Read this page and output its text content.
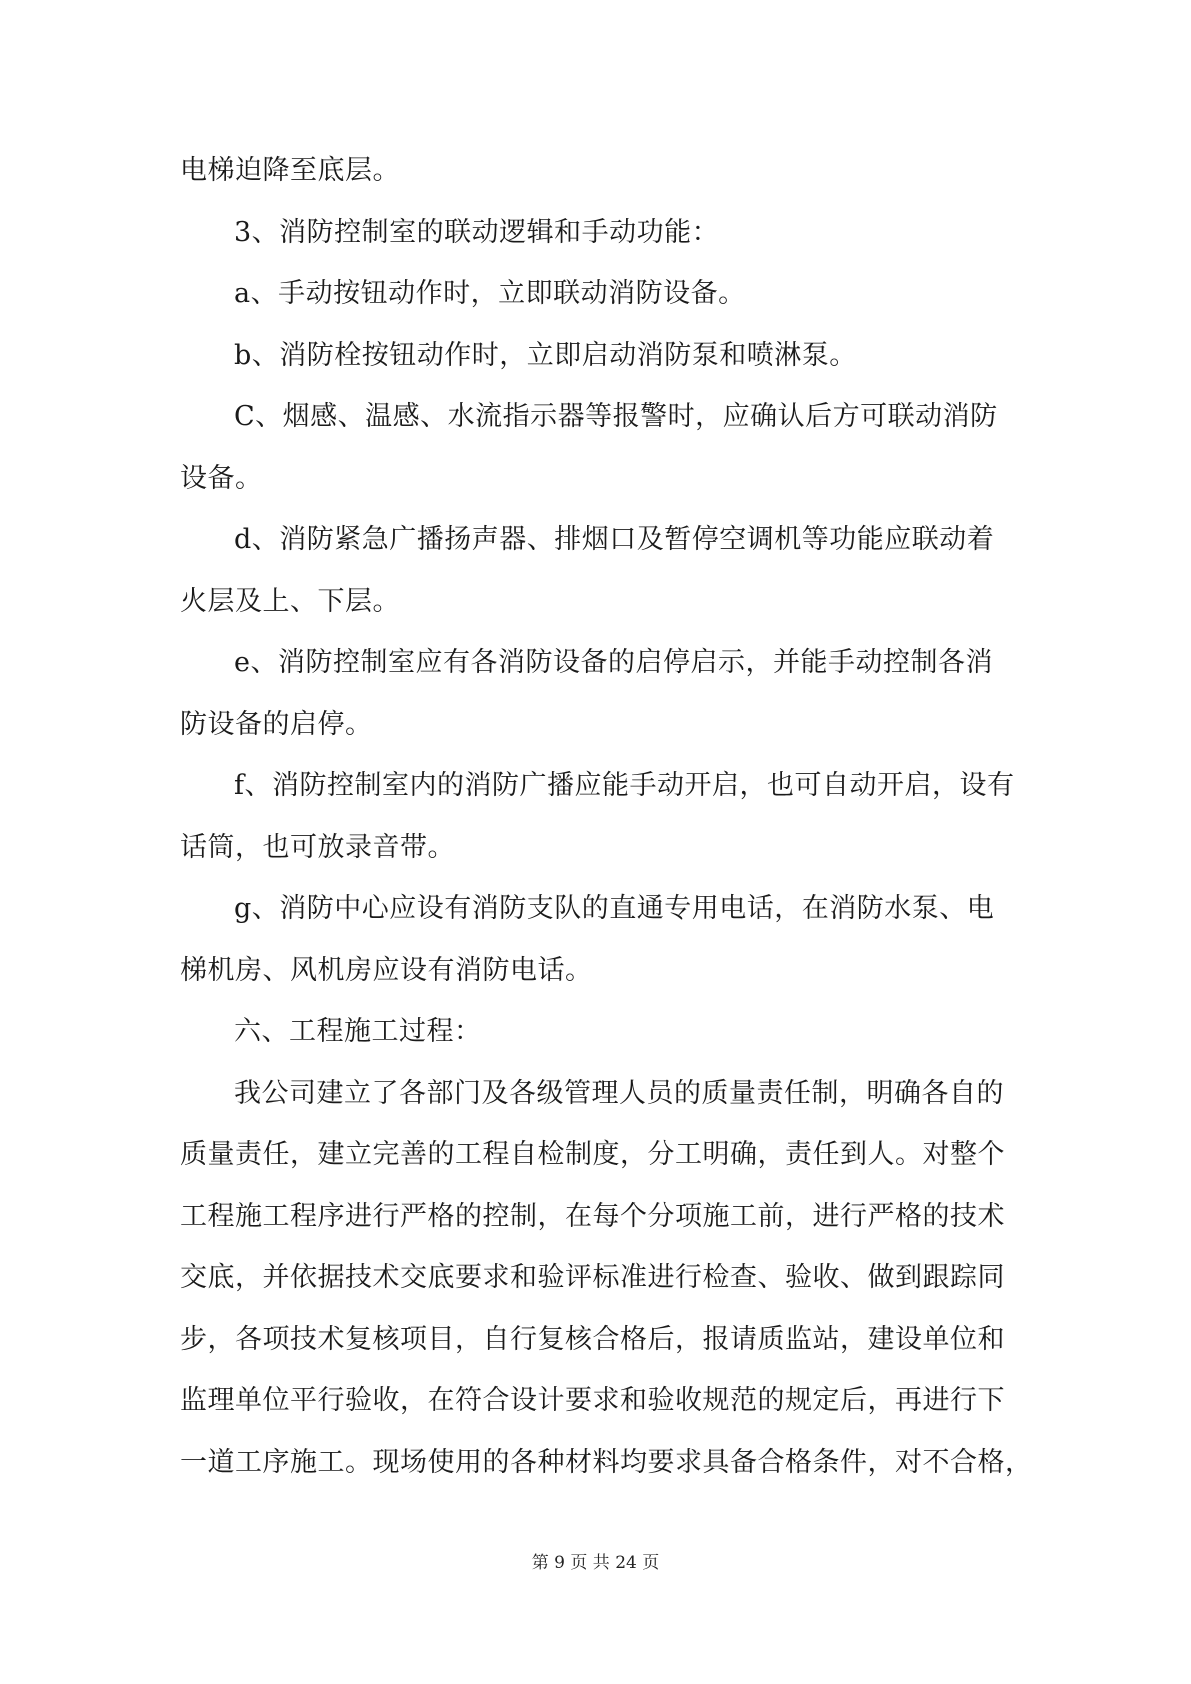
电梯迫降至底层。
3、消防控制室的联动逻辑和手动功能：
a、手动按钮动作时，立即联动消防设备。
b、消防栓按钮动作时，立即启动消防泵和喷淋泵。
C、烟感、温感、水流指示器等报警时，应确认后方可联动消防
设备。
d、消防紧急广播扬声器、排烟口及暂停空调机等功能应联动着
火层及上、下层。
e、消防控制室应有各消防设备的启停启示，并能手动控制各消
防设备的启停。
f、消防控制室内的消防广播应能手动开启，也可自动开启，设有
话筒，也可放录音带。
g、消防中心应设有消防支队的直通专用电话，在消防水泵、电
梯机房、风机房应设有消防电话。
六、工程施工过程：
我公司建立了各部门及各级管理人员的质量责任制，明确各自的
质量责任，建立完善的工程自检制度，分工明确，责任到人。对整个
工程施工程序进行严格的控制，在每个分项施工前，进行严格的技术
交底，并依据技术交底要求和验评标准进行检查、验收、做到跟踪同
步，各项技术复核项目，自行复核合格后，报请质监站，建设单位和
监理单位平行验收，在符合设计要求和验收规范的规定后，再进行下
一道工序施工。现场使用的各种材料均要求具备合格条件，对不合格，
第 9 页 共 24 页
